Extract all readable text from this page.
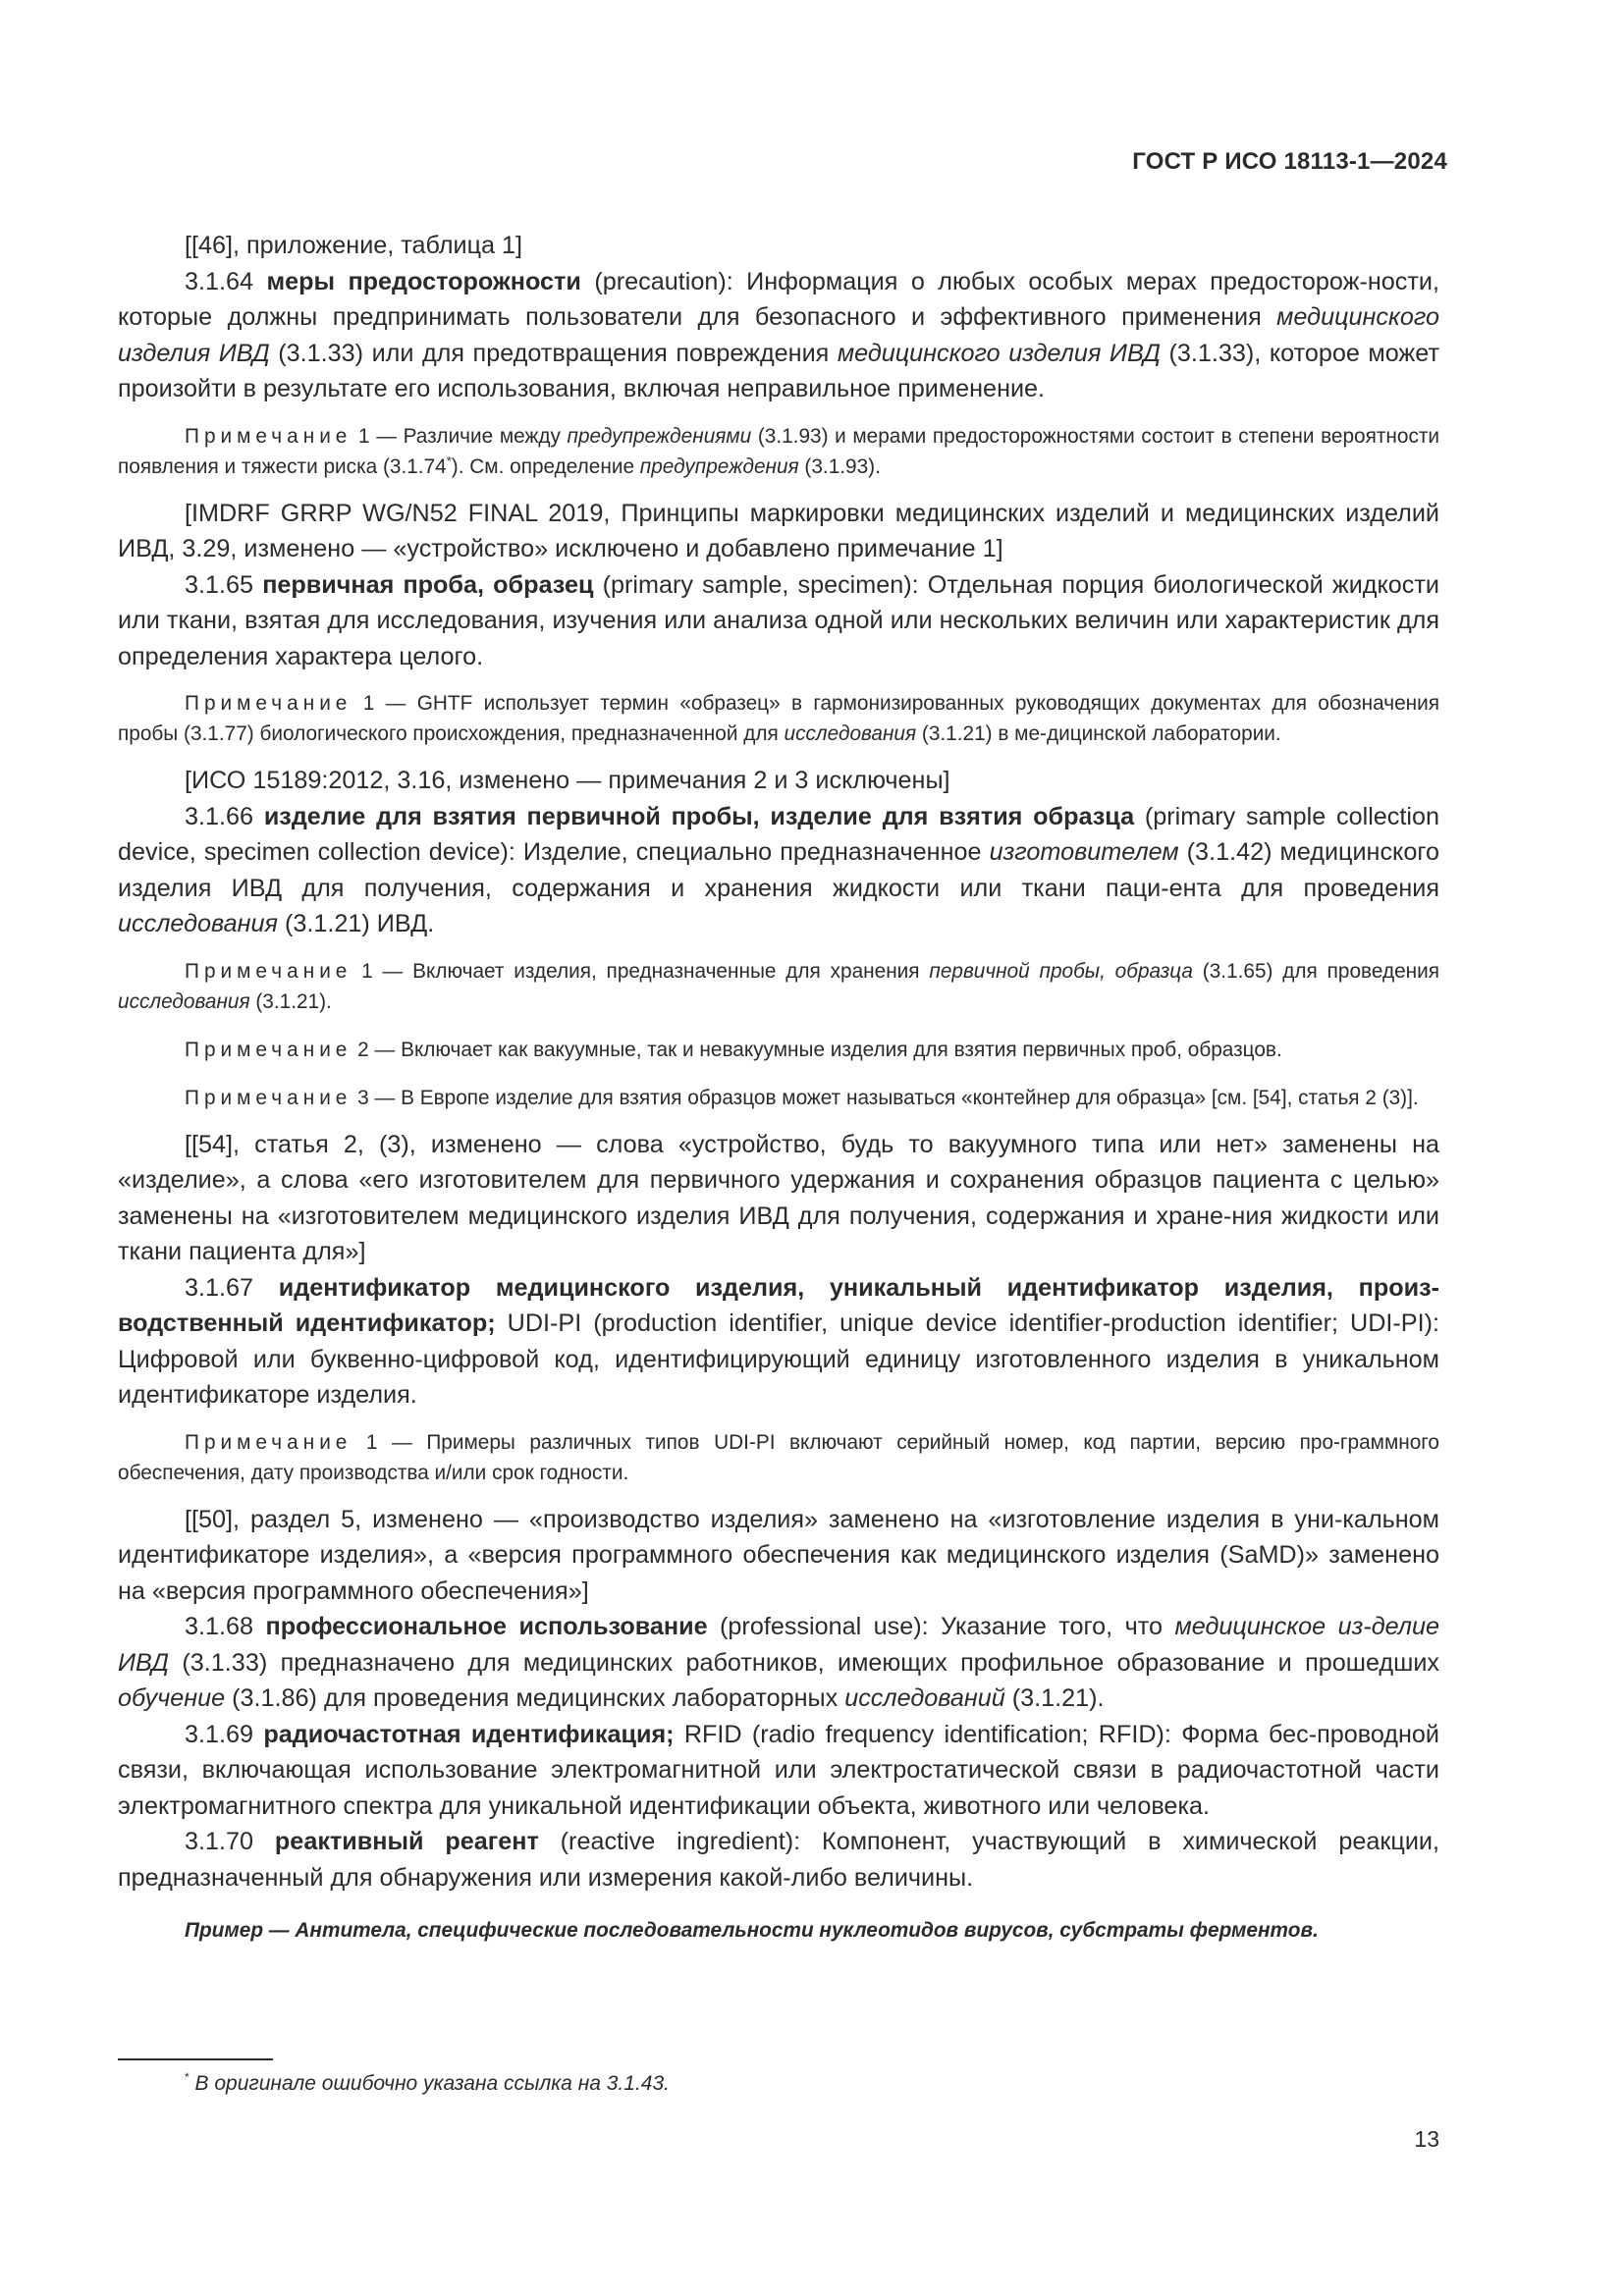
ГОСТ Р ИСО 18113-1—2024

[[46], приложение, таблица 1]

3.1.64 меры предосторожности (precaution): Информация о любых особых мерах предосторож-ности, которые должны предпринимать пользователи для безопасного и эффективного применения медицинского изделия ИВД (3.1.33) или для предотвращения повреждения медицинского изделия ИВД (3.1.33), которое может произойти в результате его использования, включая неправильное применение.

Примечание 1 — Различие между предупреждениями (3.1.93) и мерами предосторожностями состоит в степени вероятности появления и тяжести риска (3.1.74*). См. определение предупреждения (3.1.93).

[IMDRF GRRP WG/N52 FINAL 2019, Принципы маркировки медицинских изделий и медицинских изделий ИВД, 3.29, изменено — «устройство» исключено и добавлено примечание 1]

3.1.65 первичная проба, образец (primary sample, specimen): Отдельная порция биологической жидкости или ткани, взятая для исследования, изучения или анализа одной или нескольких величин или характеристик для определения характера целого.

Примечание 1 — GHTF использует термин «образец» в гармонизированных руководящих документах для обозначения пробы (3.1.77) биологического происхождения, предназначенной для исследования (3.1.21) в ме-дицинской лаборатории.

[ИСО 15189:2012, 3.16, изменено — примечания 2 и 3 исключены]

3.1.66 изделие для взятия первичной пробы, изделие для взятия образца (primary sample collection device, specimen collection device): Изделие, специально предназначенное изготовителем (3.1.42) медицинского изделия ИВД для получения, содержания и хранения жидкости или ткани паци-ента для проведения исследования (3.1.21) ИВД.

Примечание 1 — Включает изделия, предназначенные для хранения первичной пробы, образца (3.1.65) для проведения исследования (3.1.21).

Примечание 2 — Включает как вакуумные, так и невакуумные изделия для взятия первичных проб, образцов.

Примечание 3 — В Европе изделие для взятия образцов может называться «контейнер для образца» [см. [54], статья 2 (3)].

[[54], статья 2, (3), изменено — слова «устройство, будь то вакуумного типа или нет» заменены на «изделие», а слова «его изготовителем для первичного удержания и сохранения образцов пациента с целью» заменены на «изготовителем медицинского изделия ИВД для получения, содержания и хране-ния жидкости или ткани пациента для»]

3.1.67 идентификатор медицинского изделия, уникальный идентификатор изделия, произ-водственный идентификатор; UDI-PI (production identifier, unique device identifier-production identifier; UDI-PI): Цифровой или буквенно-цифровой код, идентифицирующий единицу изготовленного изделия в уникальном идентификаторе изделия.

Примечание 1 — Примеры различных типов UDI-PI включают серийный номер, код партии, версию про-граммного обеспечения, дату производства и/или срок годности.

[[50], раздел 5, изменено — «производство изделия» заменено на «изготовление изделия в уни-кальном идентификаторе изделия», а «версия программного обеспечения как медицинского изделия (SaMD)» заменено на «версия программного обеспечения»]

3.1.68 профессиональное использование (professional use): Указание того, что медицинское из-делие ИВД (3.1.33) предназначено для медицинских работников, имеющих профильное образование и прошедших обучение (3.1.86) для проведения медицинских лабораторных исследований (3.1.21).

3.1.69 радиочастотная идентификация; RFID (radio frequency identification; RFID): Форма бес-проводной связи, включающая использование электромагнитной или электростатической связи в радиочастотной части электромагнитного спектра для уникальной идентификации объекта, животного или человека.

3.1.70 реактивный реагент (reactive ingredient): Компонент, участвующий в химической реакции, предназначенный для обнаружения или измерения какой-либо величины.

Пример — Антитела, специфические последовательности нуклеотидов вирусов, субстраты ферментов.

* В оригинале ошибочно указана ссылка на 3.1.43.
13
